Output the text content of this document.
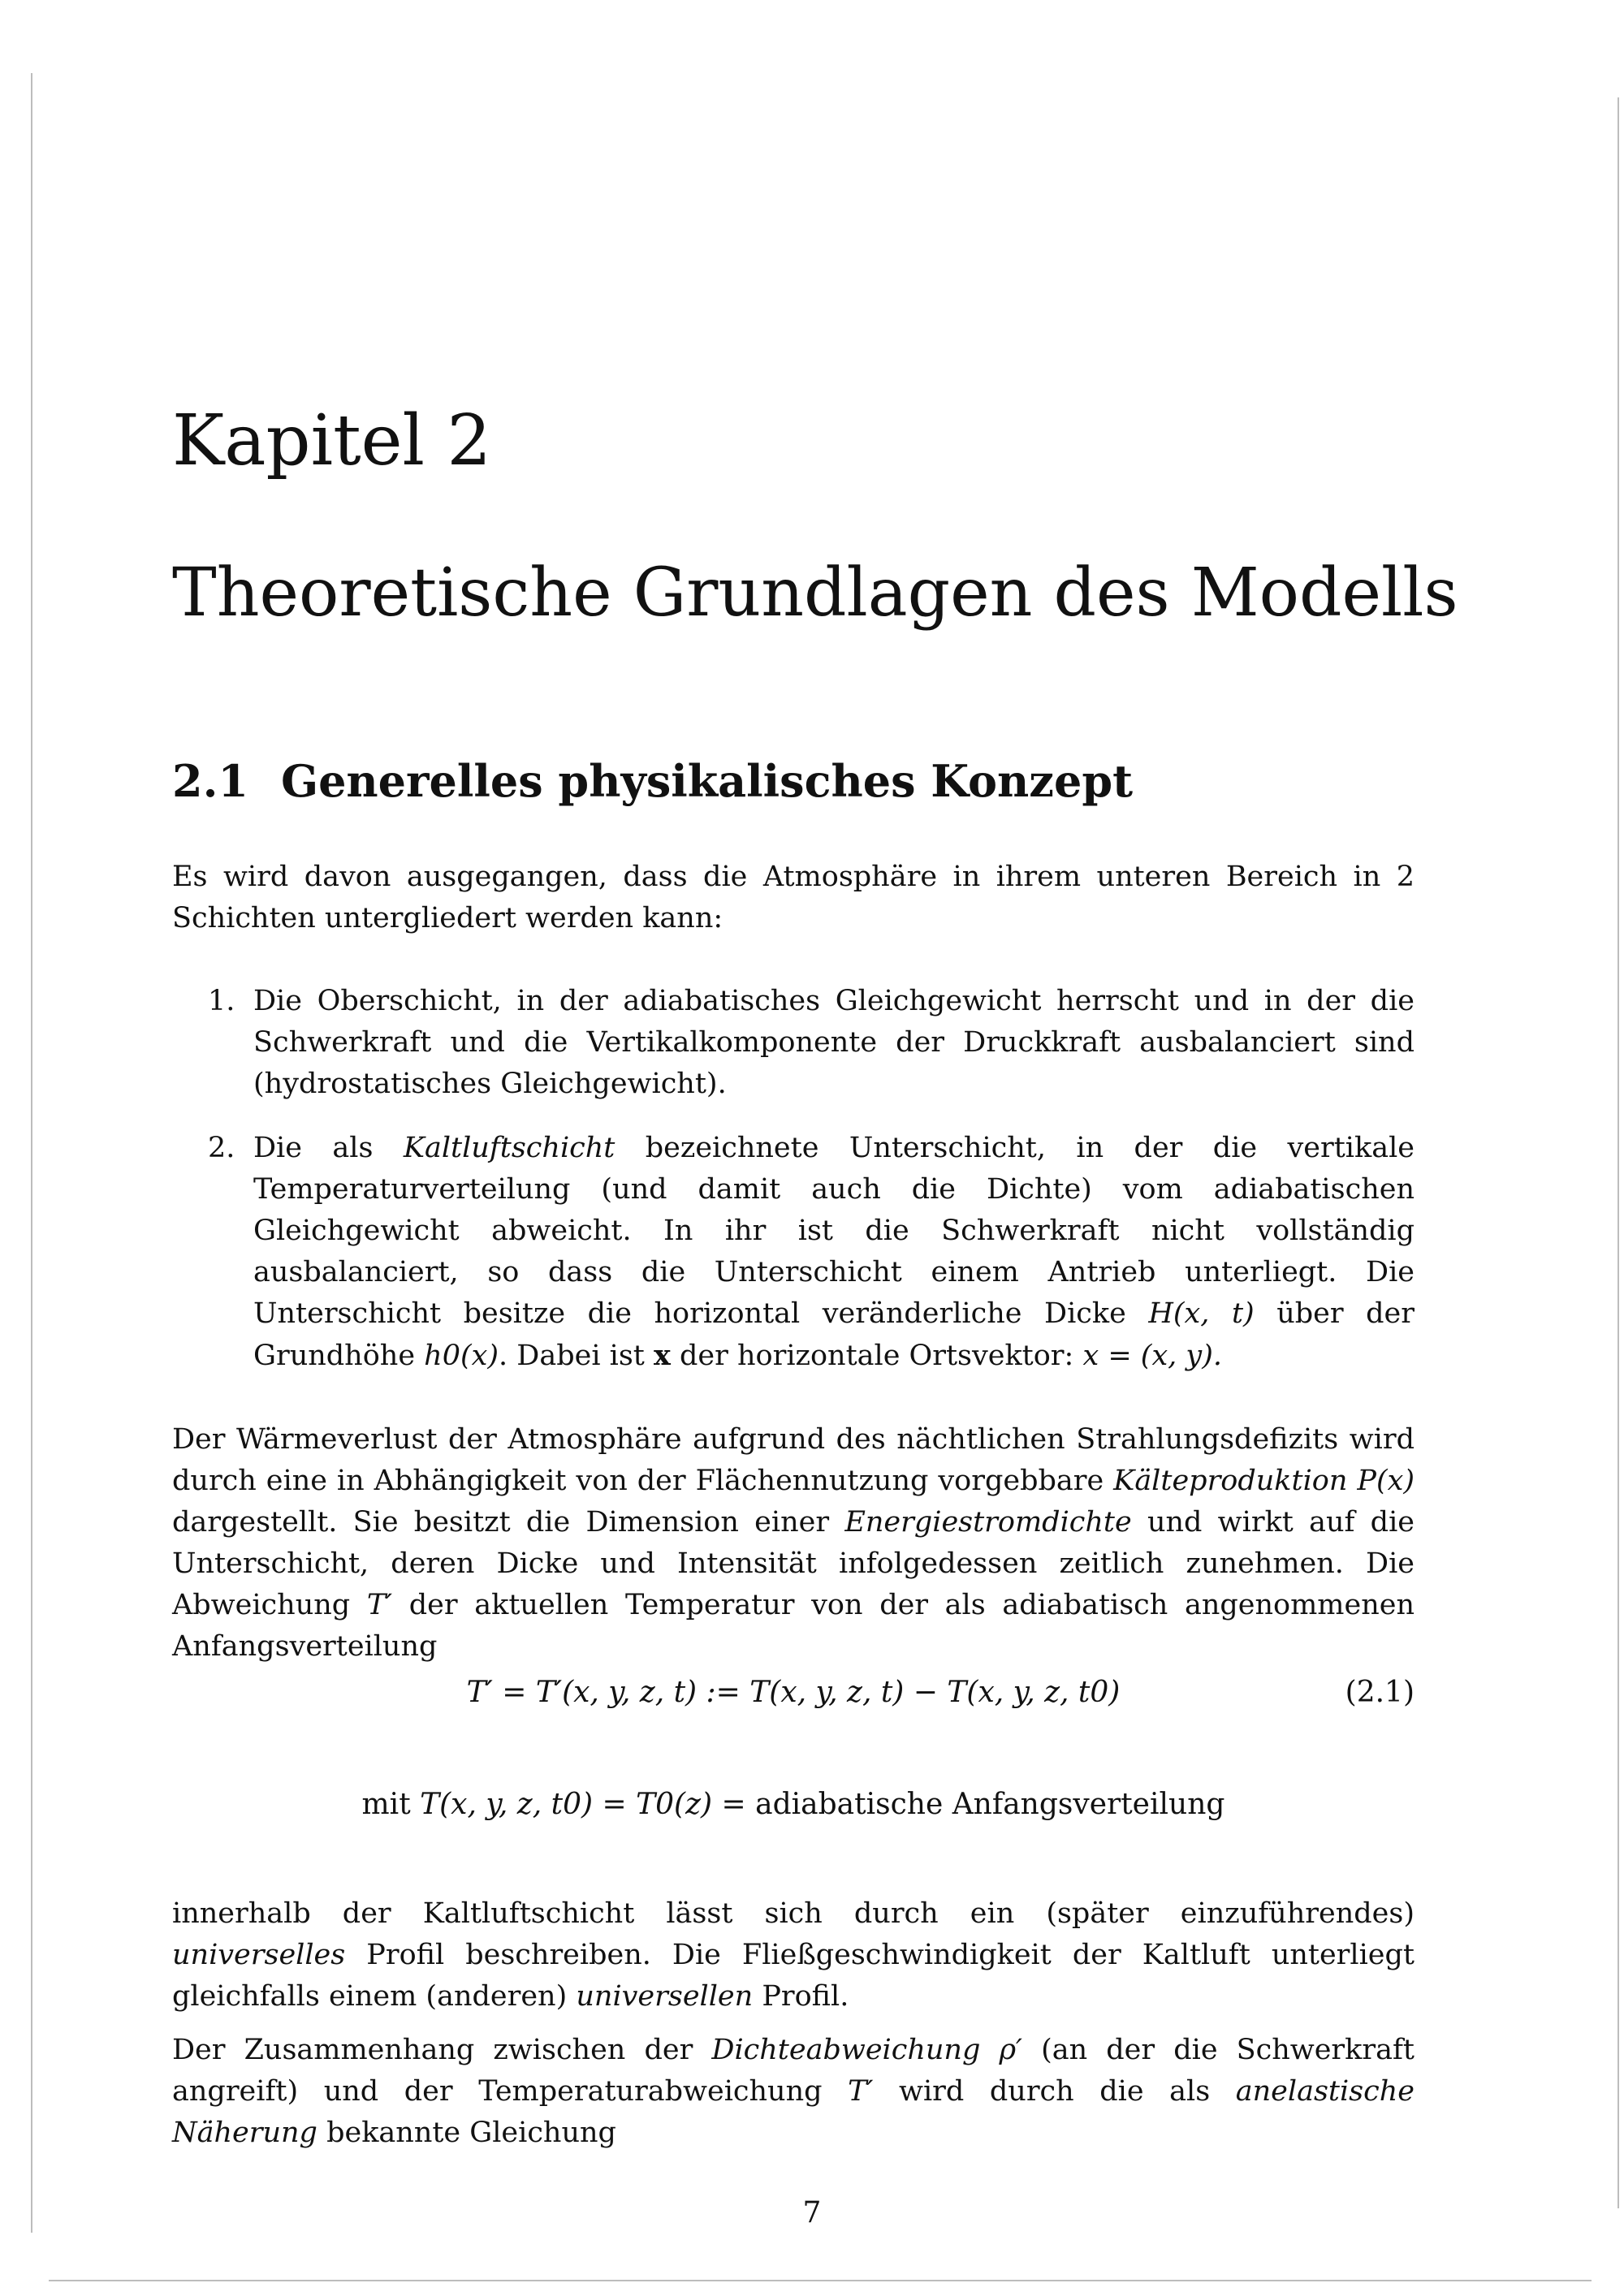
Kapitel 2
Theoretische Grundlagen des Modells
2.1 Generelles physikalisches Konzept

Es wird davon ausgegangen, dass die Atmosphäre in ihrem unteren Bereich in 2 Schichten untergliedert werden kann:

1. Die Oberschicht, in der adiabatisches Gleichgewicht herrscht und in der die Schwerkraft und die Vertikalkomponente der Druckkraft ausbalanciert sind (hydrostatisches Gleichgewicht).
2. Die als Kaltluftschicht bezeichnete Unterschicht, in der die vertikale Temperaturverteilung (und damit auch die Dichte) vom adiabatischen Gleichgewicht abweicht. In ihr ist die Schwerkraft nicht vollständig ausbalanciert, so dass die Unterschicht einem Antrieb unterliegt. Die Unterschicht besitze die horizontal veränderliche Dicke H(x, t) über der Grundhöhe h0(x). Dabei ist x der horizontale Ortsvektor: x = (x, y).

Der Wärmeverlust der Atmosphäre aufgrund des nächtlichen Strahlungsdefizits wird durch eine in Abhängigkeit von der Flächennutzung vorgebbare Kälteproduktion P(x) dargestellt. Sie besitzt die Dimension einer Energiestromdichte und wirkt auf die Unterschicht, deren Dicke und Intensität infolgedessen zeitlich zunehmen. Die Abweichung T′ der aktuellen Temperatur von der als adiabatisch angenommenen Anfangsverteilung

T′ = T′(x, y, z, t) := T(x, y, z, t) − T(x, y, z, t0)	(2.1)
mit T(x, y, z, t0) = T0(z) = adiabatische Anfangsverteilung

innerhalb der Kaltluftschicht lässt sich durch ein (später einzuführendes) universelles Profil beschreiben. Die Fließgeschwindigkeit der Kaltluft unterliegt gleichfalls einem (anderen) universellen Profil.

Der Zusammenhang zwischen der Dichteabweichung ρ′ (an der die Schwerkraft angreift) und der Temperaturabweichung T′ wird durch die als anelastische Näherung bekannte Gleichung

7
